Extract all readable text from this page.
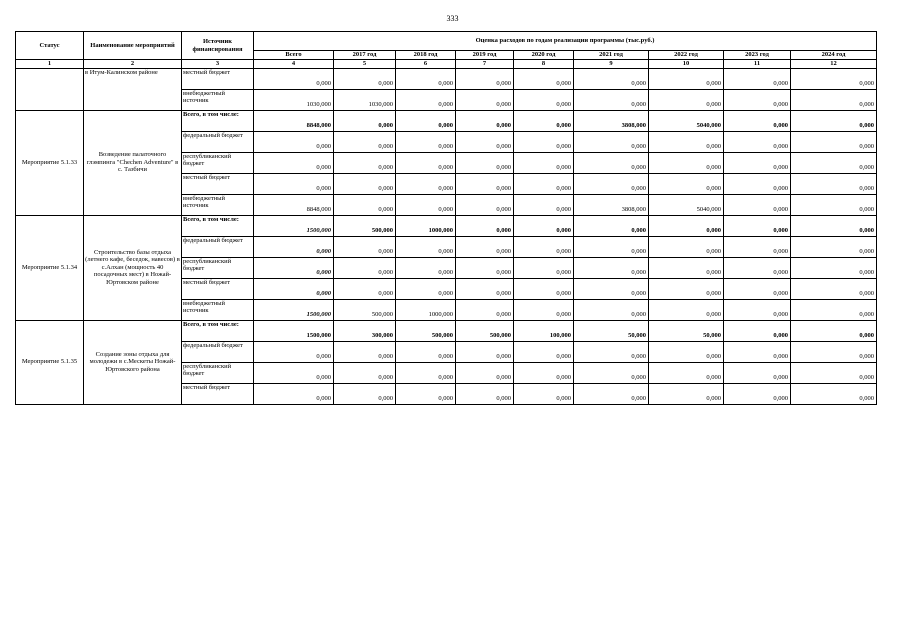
333
Статус	Наименование мероприятий	Источник финансирования	Оценка расходов по годам реализации программы (тыс.руб.)								
			Всего	2017 год	2018 год	2019 год	2020 год	2021 год	2022 год	2023 год	2024 год
1	2	3	4	5	6	7	8	9	10	11	12
	в Итум-Калинском районе	местный бюджет	0,000	0,000	0,000	0,000	0,000	0,000	0,000	0,000	0,000
		внебюджетный источник	1030,000	1030,000	0,000	0,000	0,000	0,000	0,000	0,000	0,000
Мероприятие 5.1.33	Возведение палаточного глэмпинга "Chechen Adventure" в с. Тазбичи	Всего, в том числе:	8848,000	0,000	0,000	0,000	0,000	3808,000	5040,000	0,000	0,000
		федеральный бюджет	0,000	0,000	0,000	0,000	0,000	0,000	0,000	0,000	0,000
		республиканский бюджет	0,000	0,000	0,000	0,000	0,000	0,000	0,000	0,000	0,000
		местный бюджет	0,000	0,000	0,000	0,000	0,000	0,000	0,000	0,000	0,000
		внебюджетный источник	8848,000	0,000	0,000	0,000	0,000	3808,000	5040,000	0,000	0,000
Мероприятие 5.1.34	Строительство базы отдыха (летнего кафе, беседок, навесов) в с.Алхан (мощность 40 посадочных мест) в Ножай-Юртовском районе	Всего, в том числе:	1500,000	500,000	1000,000	0,000	0,000	0,000	0,000	0,000	0,000
		федеральный бюджет	0,000	0,000	0,000	0,000	0,000	0,000	0,000	0,000	0,000
		республиканский бюджет	0,000	0,000	0,000	0,000	0,000	0,000	0,000	0,000	0,000
		местный бюджет	0,000	0,000	0,000	0,000	0,000	0,000	0,000	0,000	0,000
		внебюджетный источник	1500,000	500,000	1000,000	0,000	0,000	0,000	0,000	0,000	0,000
Мероприятие 5.1.35	Создание зоны отдыха для молодежи в с.Мескеты Ножай-Юртовского района	Всего, в том числе:	1500,000	300,000	500,000	500,000	100,000	50,000	50,000	0,000	0,000
		федеральный бюджет	0,000	0,000	0,000	0,000	0,000	0,000	0,000	0,000	0,000
		республиканский бюджет	0,000	0,000	0,000	0,000	0,000	0,000	0,000	0,000	0,000
		местный бюджет	0,000	0,000	0,000	0,000	0,000	0,000	0,000	0,000	0,000
